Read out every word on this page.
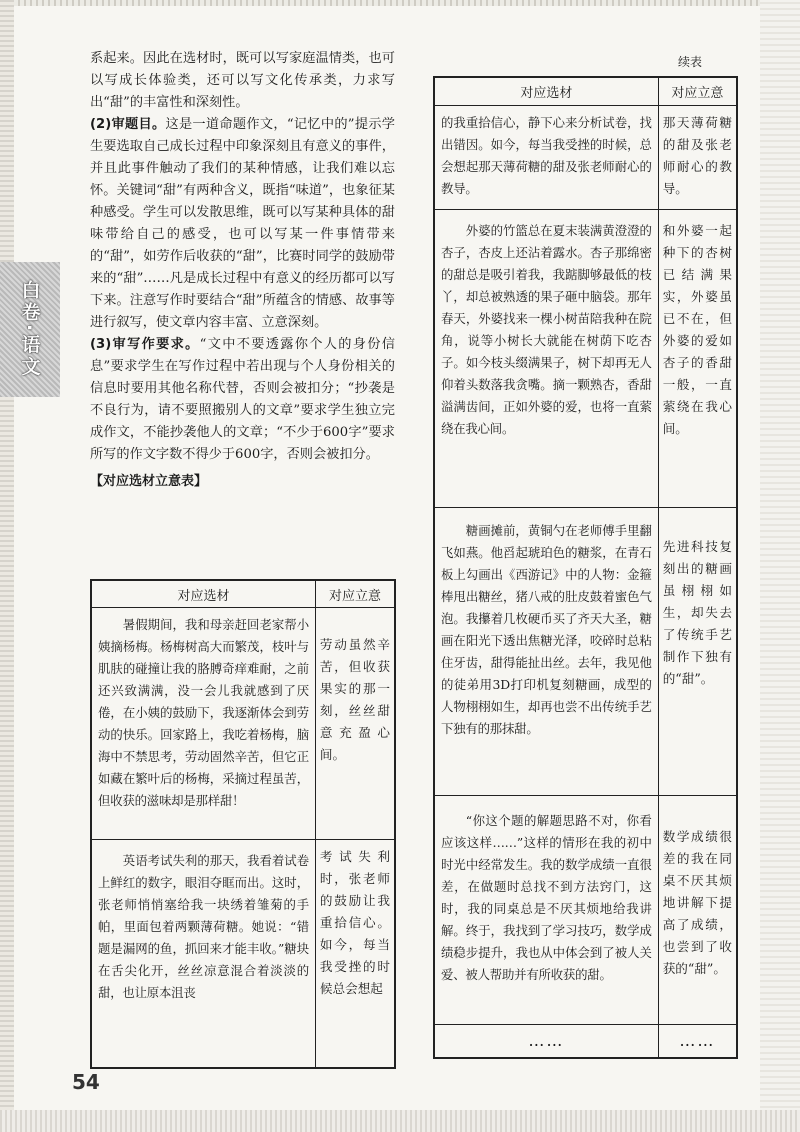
白卷·语文

系起来。因此在选材时，既可以写家庭温情类，也可以写成长体验类，还可以写文化传承类，力求写出“甜”的丰富性和深刻性。

(2)审题目。这是一道命题作文，“记忆中的”提示学生要选取自己成长过程中印象深刻且有意义的事件，并且此事件触动了我们的某种情感，让我们难以忘怀。关键词“甜”有两种含义，既指“味道”，也象征某种感受。学生可以发散思维，既可以写某种具体的甜味带给自己的感受，也可以写某一件事情带来的“甜”，如劳作后收获的“甜”，比赛时同学的鼓励带来的“甜”……凡是成长过程中有意义的经历都可以写下来。注意写作时要结合“甜”所蕴含的情感、故事等进行叙写，使文章内容丰富、立意深刻。

(3)审写作要求。“文中不要透露你个人的身份信息”要求学生在写作过程中若出现与个人身份相关的信息时要用其他名称代替，否则会被扣分；“抄袭是不良行为，请不要照搬别人的文章”要求学生独立完成作文，不能抄袭他人的文章；“不少于600字”要求所写的作文字数不得少于600字，否则会被扣分。

【对应选材立意表】
对应选材	对应立意
暑假期间，我和母亲赶回老家帮小姨摘杨梅。杨梅树高大而繁茂，枝叶与肌肤的碰撞让我的胳膊奇痒难耐，之前还兴致满满，没一会儿我就感到了厌倦，在小姨的鼓励下，我逐渐体会到劳动的快乐。回家路上，我吃着杨梅，脑海中不禁思考，劳动固然辛苦，但它正如藏在繁叶后的杨梅，采摘过程虽苦，但收获的滋味却是那样甜！	劳动虽然辛苦，但收获果实的那一刻，丝丝甜意充盈心间。
英语考试失利的那天，我看着试卷上鲜红的数字，眼泪夺眶而出。这时，张老师悄悄塞给我一块绣着雏菊的手帕，里面包着两颗薄荷糖。她说：“错题是漏网的鱼，抓回来才能丰收。”糖块在舌尖化开，丝丝凉意混合着淡淡的甜，也让原本沮丧	考试失利时，张老师的鼓励让我重拾信心。如今，每当我受挫的时候总会想起
续表
对应选材	对应立意
的我重拾信心，静下心来分析试卷，找出错因。如今，每当我受挫的时候，总会想起那天薄荷糖的甜及张老师耐心的教导。	那天薄荷糖的甜及张老师耐心的教导。
外婆的竹篮总在夏末装满黄澄澄的杏子，杏皮上还沾着露水。杏子那绵密的甜总是吸引着我，我踮脚够最低的枝丫，却总被熟透的果子砸中脑袋。那年春天，外婆找来一棵小树苗陪我种在院角，说等小树长大就能在树荫下吃杏子。如今枝头缀满果子，树下却再无人仰着头数落我贪嘴。摘一颗熟杏，香甜溢满齿间，正如外婆的爱，也将一直萦绕在我心间。	和外婆一起种下的杏树已结满果实，外婆虽已不在，但外婆的爱如杏子的香甜一般，一直萦绕在我心间。
糖画摊前，黄铜勺在老师傅手里翻飞如燕。他舀起琥珀色的糖浆，在青石板上勾画出《西游记》中的人物：金箍棒甩出糖丝，猪八戒的肚皮鼓着蜜色气泡。我攥着几枚硬币买了齐天大圣，糖画在阳光下透出焦糖光泽，咬碎时总粘住牙齿，甜得能扯出丝。去年，我见他的徒弟用3D打印机复刻糖画，成型的人物栩栩如生，却再也尝不出传统手艺下独有的那抹甜。	先进科技复刻出的糖画虽栩栩如生，却失去了传统手艺制作下独有的“甜”。
“你这个题的解题思路不对，你看应该这样……”这样的情形在我的初中时光中经常发生。我的数学成绩一直很差，在做题时总找不到方法窍门，这时，我的同桌总是不厌其烦地给我讲解。终于，我找到了学习技巧，数学成绩稳步提升，我也从中体会到了被人关爱、被人帮助并有所收获的甜。	数学成绩很差的我在同桌不厌其烦地讲解下提高了成绩，也尝到了收获的“甜”。
……	……
54
